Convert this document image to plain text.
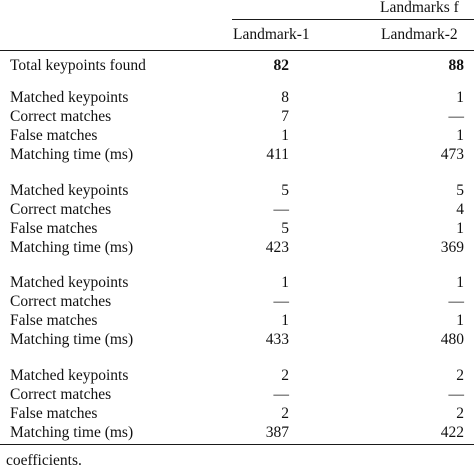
Landmarks f
Landmark-1	Landmark-2
Total keypoints found	82	88
Matched keypoints	8	1
Correct matches	7	—
False matches	1	1
Matching time (ms)	411	473
Matched keypoints	5	5
Correct matches	—	4
False matches	5	1
Matching time (ms)	423	369
Matched keypoints	1	1
Correct matches	—	—
False matches	1	1
Matching time (ms)	433	480
Matched keypoints	2	2
Correct matches	—	—
False matches	2	2
Matching time (ms)	387	422
coefficients.
